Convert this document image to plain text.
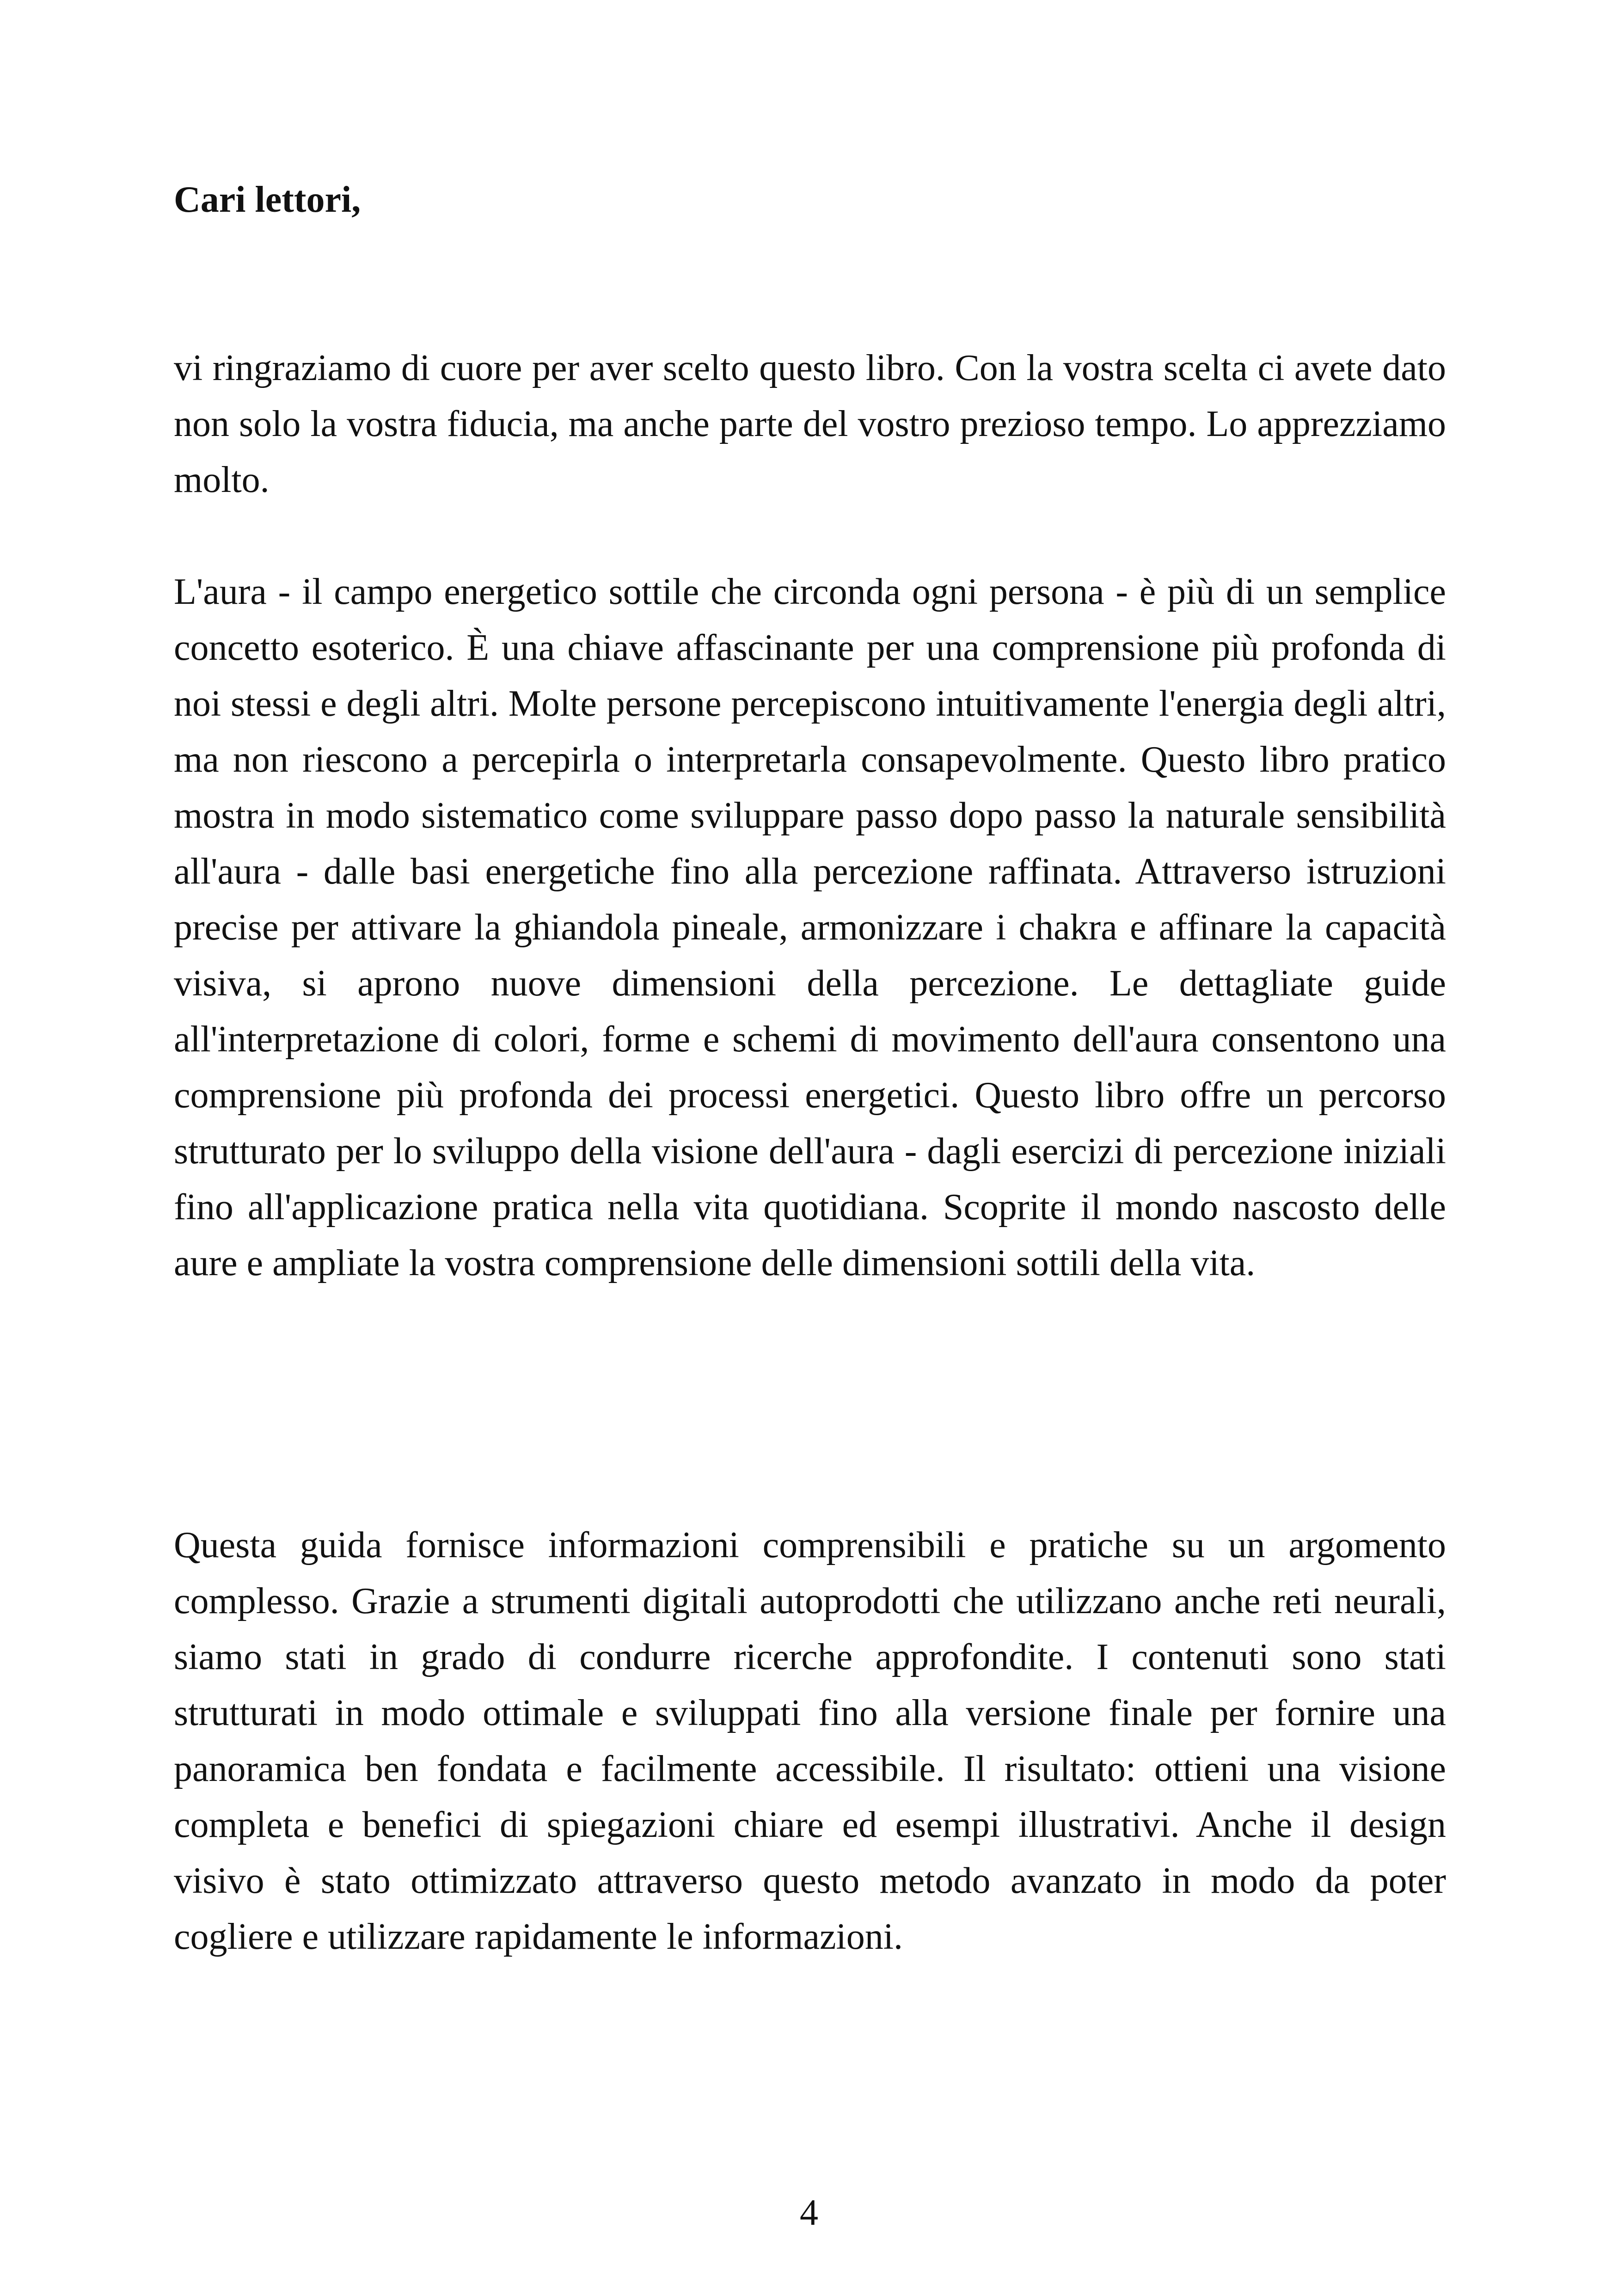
Cari lettori,

vi ringraziamo di cuore per aver scelto questo libro. Con la vostra scelta ci avete dato non solo la vostra fiducia, ma anche parte del vostro prezioso tempo. Lo apprezziamo molto.

L'aura - il campo energetico sottile che circonda ogni persona - è più di un semplice concetto esoterico. È una chiave affascinante per una comprensione più profonda di noi stessi e degli altri. Molte persone percepiscono intuitivamente l'energia degli altri, ma non riescono a percepirla o interpretarla consapevolmente. Questo libro pratico mostra in modo sistematico come sviluppare passo dopo passo la naturale sensibilità all'aura - dalle basi energetiche fino alla percezione raffinata. Attraverso istruzioni precise per attivare la ghiandola pineale, armonizzare i chakra e affinare la capacità visiva, si aprono nuove dimensioni della percezione. Le dettagliate guide all'interpretazione di colori, forme e schemi di movimento dell'aura consentono una comprensione più profonda dei processi energetici. Questo libro offre un percorso strutturato per lo sviluppo della visione dell'aura - dagli esercizi di percezione iniziali fino all'applicazione pratica nella vita quotidiana. Scoprite il mondo nascosto delle aure e ampliate la vostra comprensione delle dimensioni sottili della vita.

Questa guida fornisce informazioni comprensibili e pratiche su un argomento complesso. Grazie a strumenti digitali autoprodotti che utilizzano anche reti neurali, siamo stati in grado di condurre ricerche approfondite. I contenuti sono stati strutturati in modo ottimale e sviluppati fino alla versione finale per fornire una panoramica ben fondata e facilmente accessibile. Il risultato: ottieni una visione completa e benefici di spiegazioni chiare ed esempi illustrativi. Anche il design visivo è stato ottimizzato attraverso questo metodo avanzato in modo da poter cogliere e utilizzare rapidamente le informazioni.

4
